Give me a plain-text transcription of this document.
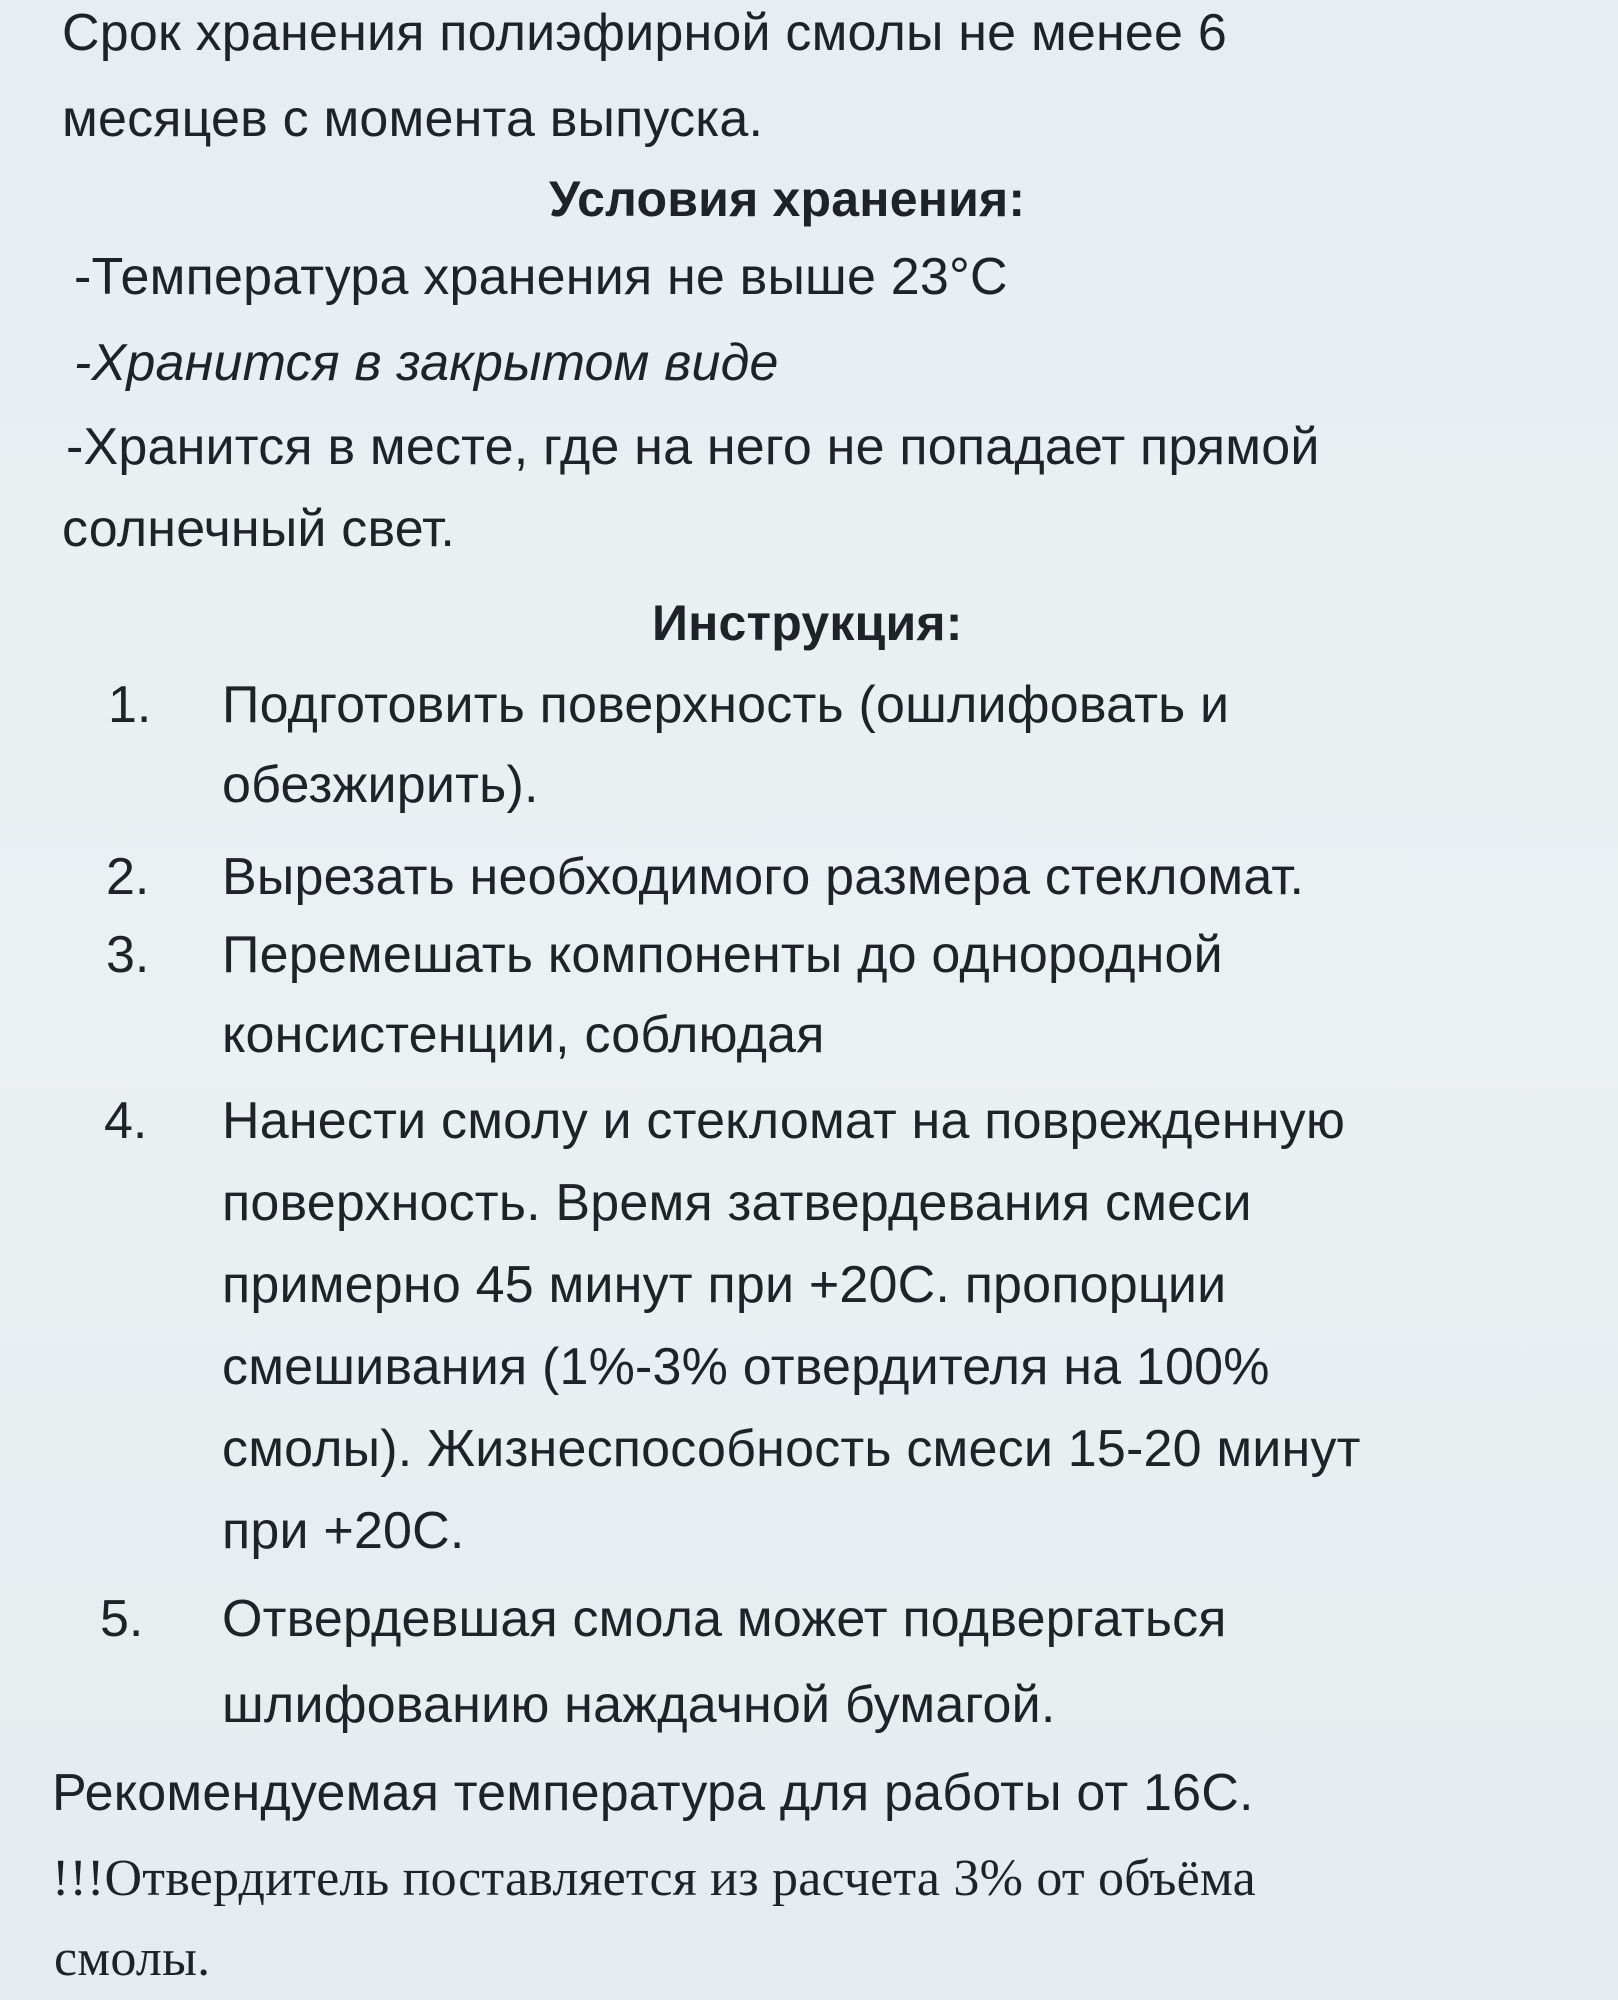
Срок хранения полиэфирной смолы не менее 6
месяцев с момента выпуска.
Условия хранения:
-Температура хранения не выше 23°С
-Хранится в закрытом виде
-Хранится в месте, где на него не попадает прямой
солнечный свет.
Инструкция:
1. Подготовить поверхность (ошлифовать и
обезжирить).
2. Вырезать необходимого размера стекломат.
3. Перемешать компоненты до однородной
консистенции, соблюдая
4. Нанести смолу и стекломат на поврежденную
поверхность. Время затвердевания смеси
примерно 45 минут при +20С. пропорции
смешивания (1%-3% отвердителя на 100%
смолы). Жизнеспособность смеси 15-20 минут
при +20С.
5. Отвердевшая смола может подвергаться
шлифованию наждачной бумагой.
Рекомендуемая температура для работы от 16С.
!!!Отвердитель поставляется из расчета 3% от объёма
смолы.
